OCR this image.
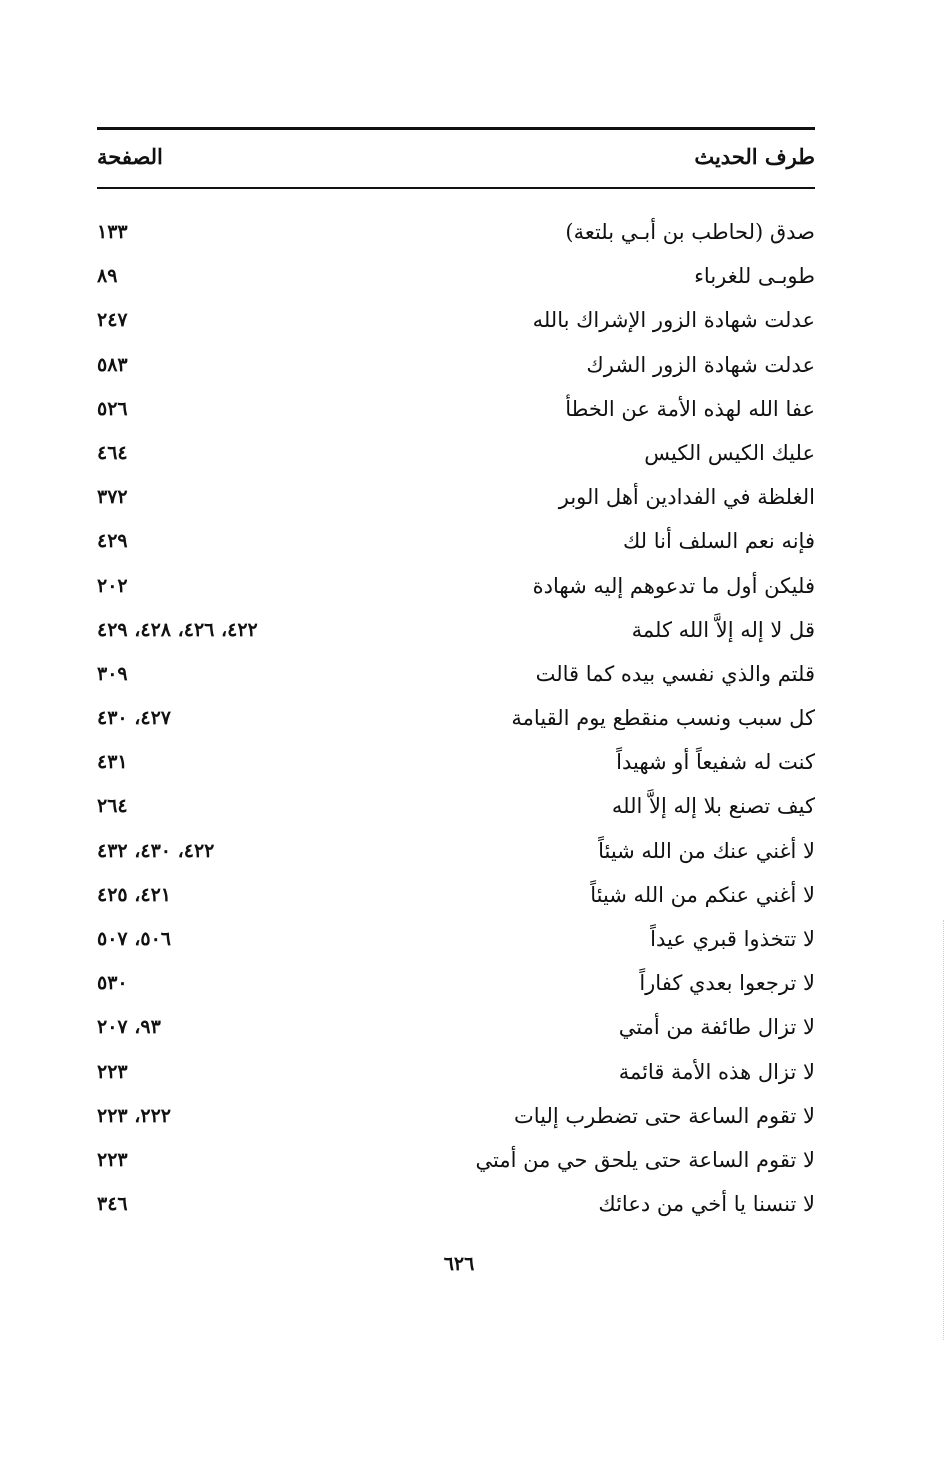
طرف الحديث
الصفحة
صدق (لحاطب بن أبـي بلتعة)
١٣٣
طوبـى للغرباء
٨٩
عدلت شهادة الزور الإشراك بالله
٢٤٧
عدلت شهادة الزور الشرك
٥٨٣
عفا الله لهذه الأمة عن الخطأ
٥٢٦
عليك الكيس الكيس
٤٦٤
الغلظة في الفدادين أهل الوبر
٣٧٢
فإنه نعم السلف أنا لك
٤٢٩
فليكن أول ما تدعوهم إليه شهادة
٢٠٢
قل لا إله إلاَّ الله كلمة
٤٢٢، ٤٢٦، ٤٢٨، ٤٢٩
قلتم والذي نفسي بيده كما قالت
٣٠٩
كل سبب ونسب منقطع يوم القيامة
٤٢٧، ٤٣٠
كنت له شفيعاً أو شهيداً
٤٣١
كيف تصنع بلا إله إلاَّ الله
٢٦٤
لا أغني عنك من الله شيئاً
٤٢٢، ٤٣٠، ٤٣٢
لا أغني عنكم من الله شيئاً
٤٢١، ٤٢٥
لا تتخذوا قبري عيداً
٥٠٦، ٥٠٧
لا ترجعوا بعدي كفاراً
٥٣٠
لا تزال طائفة من أمتي
٩٣، ٢٠٧
لا تزال هذه الأمة قائمة
٢٢٣
لا تقوم الساعة حتى تضطرب إليات
٢٢٢، ٢٢٣
لا تقوم الساعة حتى يلحق حي من أمتي
٢٢٣
لا تنسنا يا أخي من دعائك
٣٤٦
٦٢٦
